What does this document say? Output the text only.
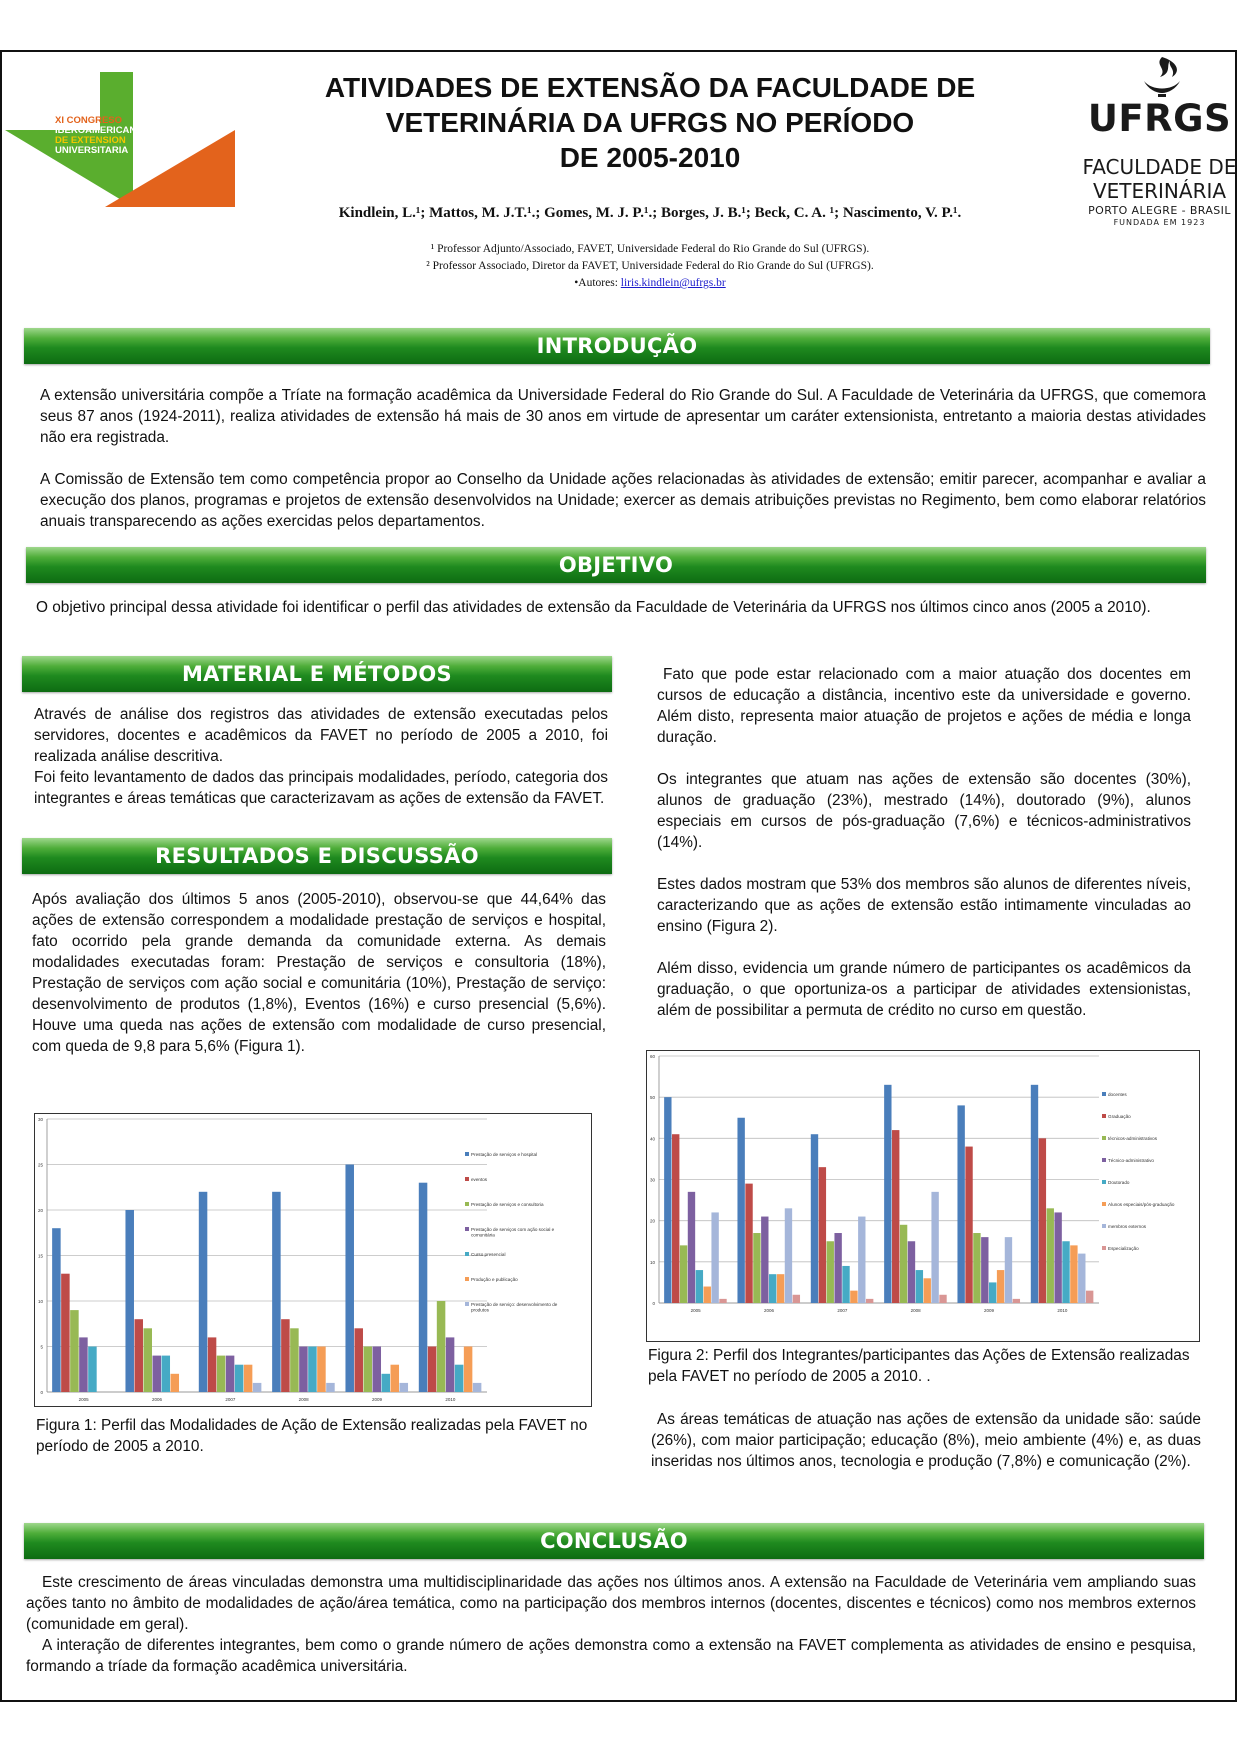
XI CONGRESO
IBEROAMERICANO
DE EXTENSION
UNIVERSITARIA
ATIVIDADES DE EXTENSÃO DA FACULDADE DE
VETERINÁRIA DA UFRGS NO PERÍODO
DE 2005-2010
Kindlein, L.¹; Mattos, M. J.T.¹.; Gomes, M. J. P.¹.; Borges, J. B.¹; Beck, C. A. ¹; Nascimento, V. P.¹.
¹ Professor Adjunto/Associado, FAVET, Universidade Federal do Rio Grande do Sul (UFRGS).
² Professor Associado, Diretor da FAVET, Universidade Federal do Rio Grande do Sul (UFRGS).
•Autores: liris.kindlein@ufrgs.br
UFRGS
FACULDADE DE
VETERINÁRIA
PORTO ALEGRE - BRASIL
FUNDADA EM 1923
INTRODUÇÃO

A extensão universitária compõe a Tríate na formação acadêmica da Universidade Federal do Rio Grande do Sul. A Faculdade de Veterinária da UFRGS, que comemora seus 87 anos (1924-2011), realiza atividades de extensão há mais de 30 anos em virtude de apresentar um caráter extensionista, entretanto a maioria destas atividades não era registrada.

A Comissão de Extensão tem como competência propor ao Conselho da Unidade ações relacionadas às atividades de extensão; emitir parecer, acompanhar e avaliar a execução dos planos, programas e projetos de extensão desenvolvidos na Unidade; exercer as demais atribuições previstas no Regimento, bem como elaborar relatórios anuais transparecendo as ações exercidas pelos departamentos.

OBJETIVO

O objetivo principal dessa atividade foi identificar o perfil das atividades de extensão da Faculdade de Veterinária da UFRGS nos últimos cinco anos (2005 a 2010).

MATERIAL E MÉTODOS

Através de análise dos registros das atividades de extensão executadas pelos servidores, docentes e acadêmicos da FAVET no período de 2005 a 2010, foi realizada análise descritiva.

Foi feito levantamento de dados das principais modalidades, período, categoria dos integrantes e áreas temáticas que caracterizavam as ações de extensão da FAVET.

RESULTADOS E DISCUSSÃO

Após avaliação dos últimos 5 anos (2005-2010), observou-se que 44,64% das ações de extensão correspondem a modalidade prestação de serviços e hospital, fato ocorrido pela grande demanda da comunidade externa. As demais modalidades executadas foram: Prestação de serviços e consultoria (18%), Prestação de serviços com ação social e comunitária (10%), Prestação de serviço: desenvolvimento de produtos (1,8%), Eventos (16%) e curso presencial (5,6%). Houve uma queda nas ações de extensão com modalidade de curso presencial, com queda de 9,8 para 5,6% (Figura 1).

0
5
10
15
20
25
30
2005	2006	2007	2008	2009	2010
Prestação de serviços e hospital
eventos
Prestação de serviços e consultoria
Prestação de serviços com ação social e comunitária
Curso presencial
Produção e publicação
Prestação de serviço: desenvolvimento de produtos
Figura 1: Perfil das Modalidades de Ação de Extensão realizadas pela FAVET no período de 2005 a 2010.

Fato que pode estar relacionado com a maior atuação dos docentes em cursos de educação a distância, incentivo este da universidade e governo. Além disto, representa maior atuação de projetos e ações de média e longa duração.

Os integrantes que atuam nas ações de extensão são docentes (30%), alunos de graduação (23%), mestrado (14%), doutorado (9%), alunos especiais em cursos de pós-graduação (7,6%) e técnicos-administrativos (14%).

Estes dados mostram que 53% dos membros são alunos de diferentes níveis, caracterizando que as ações de extensão estão intimamente vinculadas ao ensino (Figura 2).

Além disso, evidencia um grande número de participantes os acadêmicos da graduação, o que oportuniza-os a participar de atividades extensionistas, além de possibilitar a permuta de crédito no curso em questão.

0
10
20
30
40
50
60
2005	2006	2007	2008	2009	2010
docentes
Graduação
técnicos-administrativos
Técnico-administrativo
Doutorado
Alunos especiais/pós-graduação
membros externos
Especialização
Figura 2: Perfil dos Integrantes/participantes das Ações de Extensão realizadas pela FAVET no período de 2005 a 2010. .

As áreas temáticas de atuação nas ações de extensão da unidade são: saúde (26%), com maior participação; educação (8%), meio ambiente (4%) e, as duas inseridas nos últimos anos, tecnologia e produção (7,8%) e comunicação (2%).

CONCLUSÃO

Este crescimento de áreas vinculadas demonstra uma multidisciplinaridade das ações nos últimos anos. A extensão na Faculdade de Veterinária vem ampliando suas ações tanto no âmbito de modalidades de ação/área temática, como na participação dos membros internos (docentes, discentes e técnicos) como nos membros externos (comunidade em geral).

A interação de diferentes integrantes, bem como o grande número de ações demonstra como a extensão na FAVET complementa as atividades de ensino e pesquisa, formando a tríade da formação acadêmica universitária.
